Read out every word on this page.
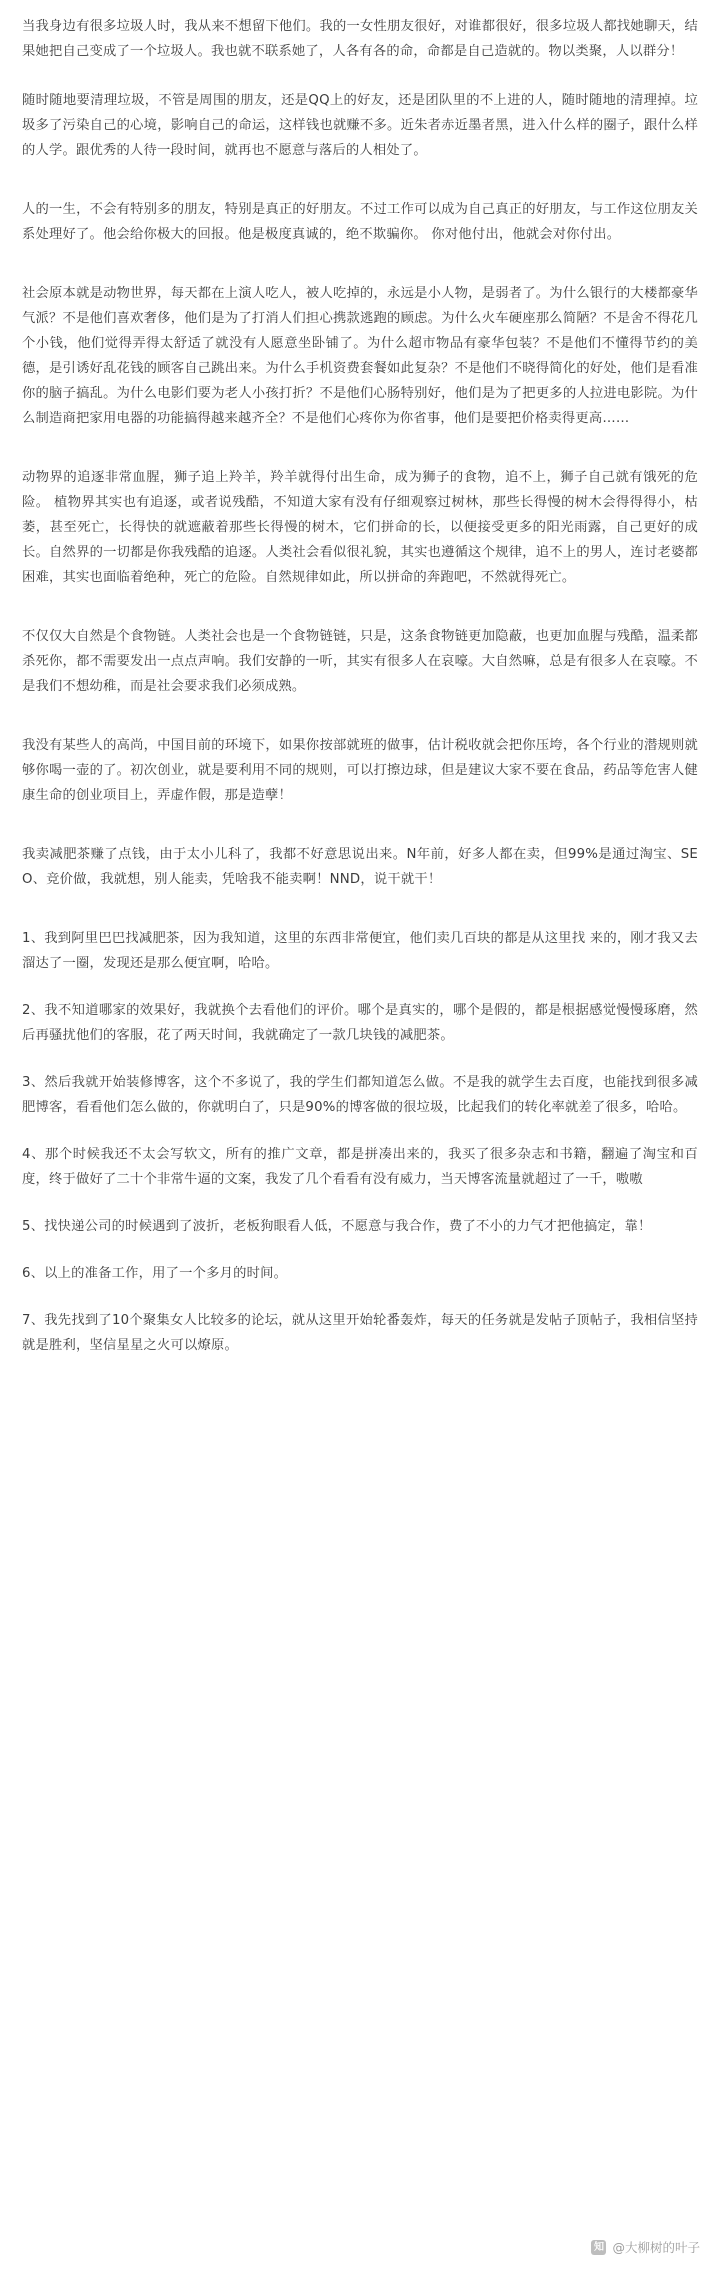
当我身边有很多垃圾人时，我从来不想留下他们。我的一女性朋友很好，对谁都很好，很多垃圾人都找她聊天，结果她把自己变成了一个垃圾人。我也就不联系她了，人各有各的命，命都是自己造就的。物以类聚，人以群分！

随时随地要清理垃圾，不管是周围的朋友，还是QQ上的好友，还是团队里的不上进的人，随时随地的清理掉。垃圾多了污染自己的心境，影响自己的命运，这样钱也就赚不多。近朱者赤近墨者黑，进入什么样的圈子，跟什么样的人学。跟优秀的人待一段时间，就再也不愿意与落后的人相处了。

人的一生，不会有特别多的朋友，特别是真正的好朋友。不过工作可以成为自己真正的好朋友，与工作这位朋友关系处理好了。他会给你极大的回报。他是极度真诚的，绝不欺骗你。 你对他付出，他就会对你付出。

社会原本就是动物世界，每天都在上演人吃人，被人吃掉的，永远是小人物，是弱者了。为什么银行的大楼都豪华气派？不是他们喜欢奢侈，他们是为了打消人们担心携款逃跑的顾虑。为什么火车硬座那么简陋？不是舍不得花几个小钱，他们觉得弄得太舒适了就没有人愿意坐卧铺了。为什么超市物品有豪华包装？不是他们不懂得节约的美德，是引诱好乱花钱的顾客自己跳出来。为什么手机资费套餐如此复杂？不是他们不晓得简化的好处，他们是看准你的脑子搞乱。为什么电影们要为老人小孩打折？不是他们心肠特别好，他们是为了把更多的人拉进电影院。为什么制造商把家用电器的功能搞得越来越齐全？不是他们心疼你为你省事，他们是要把价格卖得更高……

动物界的追逐非常血腥，狮子追上羚羊，羚羊就得付出生命，成为狮子的食物，追不上，狮子自己就有饿死的危险。 植物界其实也有追逐，或者说残酷，不知道大家有没有仔细观察过树林，那些长得慢的树木会得得得小，枯萎，甚至死亡，长得快的就遮蔽着那些长得慢的树木，它们拼命的长，以便接受更多的阳光雨露，自己更好的成长。自然界的一切都是你我残酷的追逐。人类社会看似很礼貌，其实也遵循这个规律，追不上的男人，连讨老婆都困难，其实也面临着绝种，死亡的危险。自然规律如此，所以拼命的奔跑吧，不然就得死亡。

不仅仅大自然是个食物链。人类社会也是一个食物链链，只是，这条食物链更加隐蔽，也更加血腥与残酷，温柔都杀死你，都不需要发出一点点声响。我们安静的一听，其实有很多人在哀嚎。大自然嘛，总是有很多人在哀嚎。不是我们不想幼稚，而是社会要求我们必须成熟。

我没有某些人的高尚，中国目前的环境下，如果你按部就班的做事，估计税收就会把你压垮，各个行业的潜规则就够你喝一壶的了。初次创业，就是要利用不同的规则，可以打擦边球，但是建议大家不要在食品，药品等危害人健康生命的创业项目上，弄虚作假，那是造孽！

我卖减肥茶赚了点钱，由于太小儿科了，我都不好意思说出来。N年前，好多人都在卖，但99%是通过淘宝、SEO、竞价做，我就想，别人能卖，凭啥我不能卖啊！NND，说干就干！

1、我到阿里巴巴找减肥茶，因为我知道，这里的东西非常便宜，他们卖几百块的都是从这里找 来的，刚才我又去溜达了一圈，发现还是那么便宜啊，哈哈。

2、我不知道哪家的效果好，我就换个去看他们的评价。哪个是真实的，哪个是假的，都是根据感觉慢慢琢磨，然后再骚扰他们的客服，花了两天时间，我就确定了一款几块钱的减肥茶。

3、然后我就开始装修博客，这个不多说了，我的学生们都知道怎么做。不是我的就学生去百度，也能找到很多减肥博客，看看他们怎么做的，你就明白了，只是90%的博客做的很垃圾，比起我们的转化率就差了很多，哈哈。

4、那个时候我还不太会写软文，所有的推广文章，都是拼凑出来的，我买了很多杂志和书籍，翻遍了淘宝和百度，终于做好了二十个非常牛逼的文案，我发了几个看看有没有威力，当天博客流量就超过了一千，嗷嗷

5、找快递公司的时候遇到了波折，老板狗眼看人低，不愿意与我合作，费了不小的力气才把他搞定，靠！

6、以上的准备工作，用了一个多月的时间。

7、我先找到了10个聚集女人比较多的论坛，就从这里开始轮番轰炸，每天的任务就是发帖子顶帖子，我相信坚持就是胜利，坚信星星之火可以燎原。

知 @大柳树的叶子
